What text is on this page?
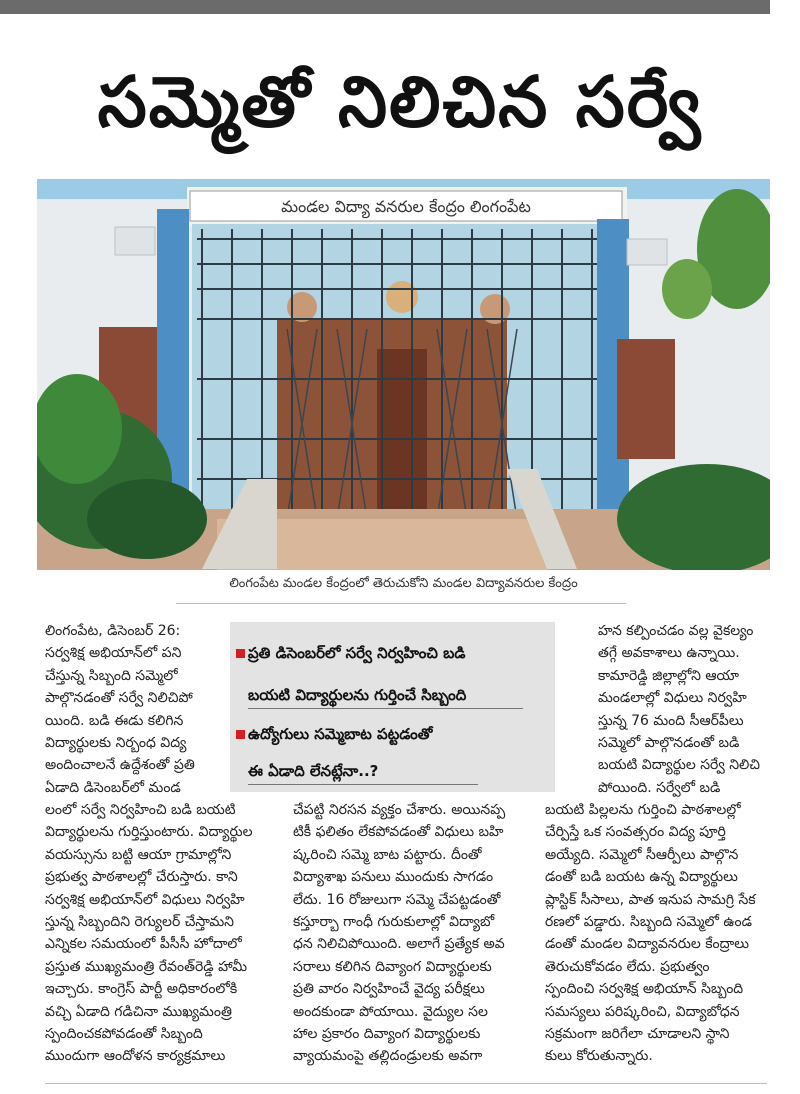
సమ్మెతో నిలిచిన సర్వే
మండల విద్యా వనరుల కేంద్రం లింగంపేట
లింగంపేట మండల కేంద్రంలో తెరుచుకోని మండల విద్యావనరుల కేంద్రం
లింగంపేట, డిసెంబర్ 26:
సర్వశిక్ష అభియాన్‌లో పని
చేస్తున్న సిబ్బంది సమ్మెలో
పాల్గొనడంతో సర్వే నిలిచిపో
యింది. బడి ఈడు కలిగిన
విద్యార్థులకు నిర్బంధ విద్య
అందించాలనే ఉద్దేశంతో ప్రతి
ఏడాది డిసెంబర్‌లో మండ
లంలో సర్వే నిర్వహించి బడి బయటి
విద్యార్థులను గుర్తిస్తుంటారు. విద్యార్థుల
వయస్సును బట్టి ఆయా గ్రామాల్లోని
ప్రభుత్వ పాఠశాలల్లో చేరుస్తారు. కాని
సర్వశిక్ష అభియాన్‌లో విధులు నిర్వహి
స్తున్న సిబ్బందిని రెగ్యులర్ చేస్తామని
ఎన్నికల సమయంలో పీసీసీ హోదాలో
ప్రస్తుత ముఖ్యమంత్రి రేవంత్‌రెడ్డి హామీ
ఇచ్చారు. కాంగ్రెస్ పార్టీ అధికారంలోకి
వచ్చి ఏడాది గడిచినా ముఖ్యమంత్రి
స్పందించకపోవడంతో సిబ్బంది
ముందుగా ఆందోళన కార్యక్రమాలు
ప్రతి డిసెంబర్‌లో సర్వే నిర్వహించి బడి
బయటి విద్యార్థులను గుర్తించే సిబ్బంది
ఉద్యోగులు సమ్మెబాట పట్టడంతో
ఈ ఏడాది లేనట్లేనా..?
చేపట్టి నిరసన వ్యక్తం చేశారు. అయినప్ప
టికీ ఫలితం లేకపోవడంతో విధులు బహి
ష్కరించి సమ్మె బాట పట్టారు. దీంతో
విద్యాశాఖ పనులు ముందుకు సాగడం
లేదు. 16 రోజులుగా సమ్మె చేపట్టడంతో
కస్తూర్బా గాంధీ గురుకులాల్లో విద్యాబో
ధన నిలిచిపోయింది. అలాగే ప్రత్యేక అవ
సరాలు కలిగిన దివ్యాంగ విద్యార్థులకు
ప్రతి వారం నిర్వహించే వైద్య పరీక్షలు
అందకుండా పోయాయి. వైద్యుల సల
హాల ప్రకారం దివ్యాంగ విద్యార్థులకు
వ్యాయమంపై తల్లిదండ్రులకు అవగా
హన కల్పించడం వల్ల వైకల్యం
తగ్గే అవకాశాలు ఉన్నాయి.
కామారెడ్డి జిల్లాల్లోని ఆయా
మండలాల్లో విధులు నిర్వహి
స్తున్న 76 మంది సీఆర్‌పీలు
సమ్మెలో పాల్గొనడంతో బడి
బయటి విద్యార్థుల సర్వే నిలిచి
పోయింది. సర్వేలో బడి
బయటి పిల్లలను గుర్తించి పాఠశాలల్లో
చేర్పిస్తే ఒక సంవత్సరం విద్య పూర్తి
అయ్యేది. సమ్మెలో సీఆర్పీలు పాల్గొన
డంతో బడి బయట ఉన్న విద్యార్థులు
ప్లాస్టిక్ సీసాలు, పాత ఇనుప సామగ్రి సేక
రణలో పడ్డారు. సిబ్బంది సమ్మెలో ఉండ
డంతో మండల విద్యావనరుల కేంద్రాలు
తెరుచుకోవడం లేదు. ప్రభుత్వం
స్పందించి సర్వశిక్ష అభియాన్ సిబ్బంది
సమస్యలు పరిష్కరించి, విద్యాబోధన
సక్రమంగా జరిగేలా చూడాలని స్థాని
కులు కోరుతున్నారు.
